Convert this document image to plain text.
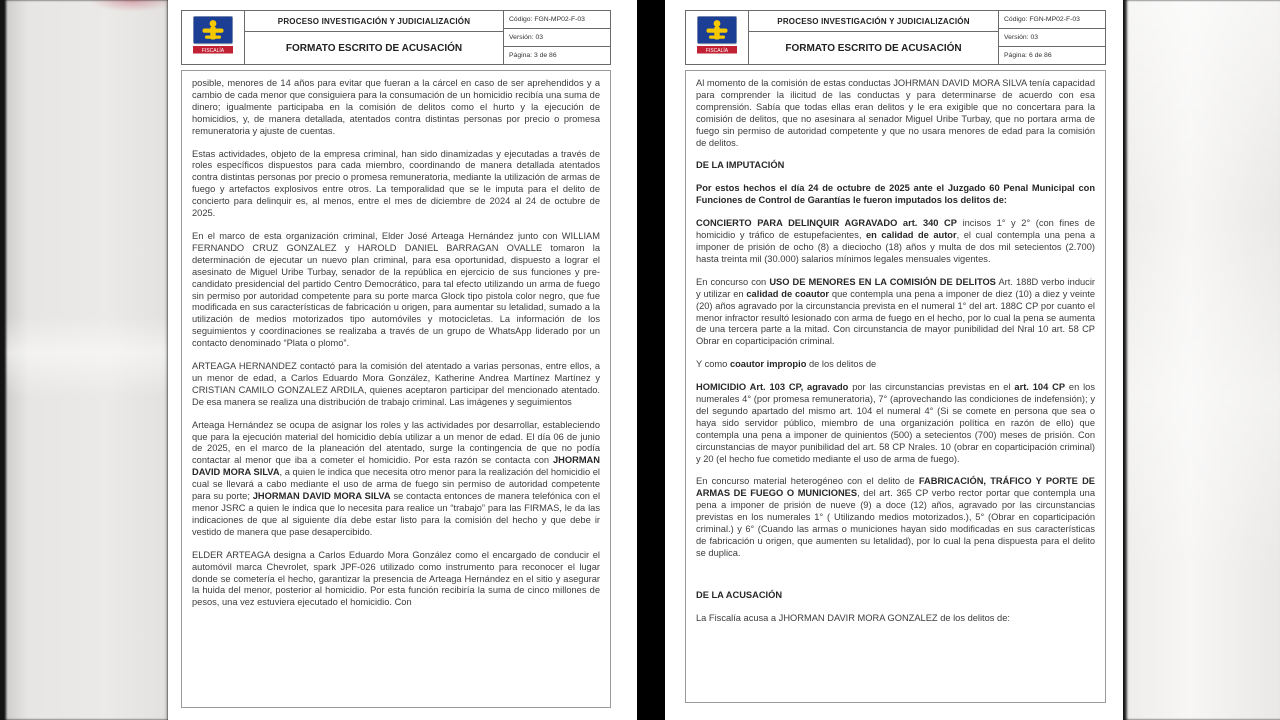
FISCALÍA
PROCESO INVESTIGACIÓN Y JUDICIALIZACIÓN
FORMATO ESCRITO DE ACUSACIÓN
Código: FGN-MP02-F-03
Versión: 03
Página: 3 de 86

posible, menores de 14 años para evitar que fueran a la cárcel en caso de ser aprehendidos y a cambio de cada menor que consiguiera para la consumación de un homicidio recibía una suma de dinero; igualmente participaba en la comisión de delitos como el hurto y la ejecución de homicidios, y, de manera detallada, atentados contra distintas personas por precio o promesa remuneratoria y ajuste de cuentas.

Estas actividades, objeto de la empresa criminal, han sido dinamizadas y ejecutadas a través de roles específicos dispuestos para cada miembro, coordinando de manera detallada atentados contra distintas personas por precio o promesa remuneratoria, mediante la utilización de armas de fuego y artefactos explosivos entre otros. La temporalidad que se le imputa para el delito de concierto para delinquir es, al menos, entre el mes de diciembre de 2024 al 24 de octubre de 2025.

En el marco de esta organización criminal, Elder José Arteaga Hernández junto con WILLIAM FERNANDO CRUZ GONZALEZ y HAROLD DANIEL BARRAGAN OVALLE tomaron la determinación de ejecutar un nuevo plan criminal, para esa oportunidad, dispuesto a lograr el asesinato de Miguel Uribe Turbay, senador de la república en ejercicio de sus funciones y pre-candidato presidencial del partido Centro Democrático, para tal efecto utilizando un arma de fuego sin permiso por autoridad competente para su porte marca Glock tipo pistola color negro, que fue modificada en sus características de fabricación u origen, para aumentar su letalidad, sumado a la utilización de medios motorizados tipo automóviles y motocicletas. La información de los seguimientos y coordinaciones se realizaba a través de un grupo de WhatsApp liderado por un contacto denominado “Plata o plomo”.

ARTEAGA HERNANDEZ contactó para la comisión del atentado a varias personas, entre ellos, a un menor de edad, a Carlos Eduardo Mora González, Katherine Andrea Martínez Martínez y CRISTIAN CAMILO GONZALEZ ARDILA, quienes aceptaron participar del mencionado atentado. De esa manera se realiza una distribución de trabajo criminal. Las imágenes y seguimientos

Arteaga Hernández se ocupa de asignar los roles y las actividades por desarrollar, estableciendo que para la ejecución material del homicidio debía utilizar a un menor de edad. El día 06 de junio de 2025, en el marco de la planeación del atentado, surge la contingencia de que no podía contactar al menor que iba a cometer el homicidio. Por esta razón se contacta con JHORMAN DAVID MORA SILVA, a quien le indica que necesita otro menor para la realización del homicidio el cual se llevará a cabo mediante el uso de arma de fuego sin permiso de autoridad competente para su porte; JHORMAN DAVID MORA SILVA se contacta entonces de manera telefónica con el menor JSRC a quien le indica que lo necesita para realice un “trabajo” para las FIRMAS, le da las indicaciones de que al siguiente día debe estar listo para la comisión del hecho y que debe ir vestido de manera que pase desapercibido.

ELDER ARTEAGA designa a Carlos Eduardo Mora González como el encargado de conducir el automóvil marca Chevrolet, spark JPF-026 utilizado como instrumento para reconocer el lugar donde se cometería el hecho, garantizar la presencia de Arteaga Hernández en el sitio y asegurar la huida del menor, posterior al homicidio. Por esta función recibiría la suma de cinco millones de pesos, una vez estuviera ejecutado el homicidio. Con

FISCALÍA
PROCESO INVESTIGACIÓN Y JUDICIALIZACIÓN
FORMATO ESCRITO DE ACUSACIÓN
Código: FGN-MP02-F-03
Versión: 03
Página: 6 de 86

Al momento de la comisión de estas conductas JOHRMAN DAVID MORA SILVA tenía capacidad para comprender la ilicitud de las conductas y para determinarse de acuerdo con esa comprensión. Sabía que todas ellas eran delitos y le era exigible que no concertara para la comisión de delitos, que no asesinara al senador Miguel Uribe Turbay, que no portara arma de fuego sin permiso de autoridad competente y que no usara menores de edad para la comisión de delitos.

DE LA IMPUTACIÓN

Por estos hechos el día 24 de octubre de 2025 ante el Juzgado 60 Penal Municipal con Funciones de Control de Garantías le fueron imputados los delitos de:

CONCIERTO PARA DELINQUIR AGRAVADO art. 340 CP incisos 1° y 2° (con fines de homicidio y tráfico de estupefacientes, en calidad de autor, el cual contempla una pena a imponer de prisión de ocho (8) a dieciocho (18) años y multa de dos mil setecientos (2.700) hasta treinta mil (30.000) salarios mínimos legales mensuales vigentes.

En concurso con USO DE MENORES EN LA COMISIÓN DE DELITOS Art. 188D verbo inducir y utilizar en calidad de coautor que contempla una pena a imponer de diez (10) a diez y veinte (20) años agravado por la circunstancia prevista en el numeral 1° del art. 188C CP por cuanto el menor infractor resultó lesionado con arma de fuego en el hecho, por lo cual la pena se aumenta de una tercera parte a la mitad. Con circunstancia de mayor punibilidad del Nral 10 art. 58 CP Obrar en coparticipación criminal.

Y como coautor impropio de los delitos de

HOMICIDIO Art. 103 CP, agravado por las circunstancias previstas en el art. 104 CP en los numerales 4° (por promesa remuneratoria), 7° (aprovechando las condiciones de indefensión); y del segundo apartado del mismo art. 104 el numeral 4° (Si se comete en persona que sea o haya sido servidor público, miembro de una organización política en razón de ello) que contempla una pena a imponer de quinientos (500) a setecientos (700) meses de prisión. Con circunstancias de mayor punibilidad del art. 58 CP Nrales. 10 (obrar en coparticipación criminal) y 20 (el hecho fue cometido mediante el uso de arma de fuego).

En concurso material heterogéneo con el delito de FABRICACIÓN, TRÁFICO Y PORTE DE ARMAS DE FUEGO O MUNICIONES, del art. 365 CP verbo rector portar que contempla una pena a imponer de prisión de nueve (9) a doce (12) años, agravado por las circunstancias previstas en los numerales 1° ( Utilizando medios motorizados.), 5° (Obrar en coparticipación criminal.) y 6° (Cuando las armas o municiones hayan sido modificadas en sus características de fabricación u origen, que aumenten su letalidad), por lo cual la pena dispuesta para el delito se duplica.

DE LA ACUSACIÓN

La Fiscalía acusa a JHORMAN DAVIR MORA GONZALEZ de los delitos de:
